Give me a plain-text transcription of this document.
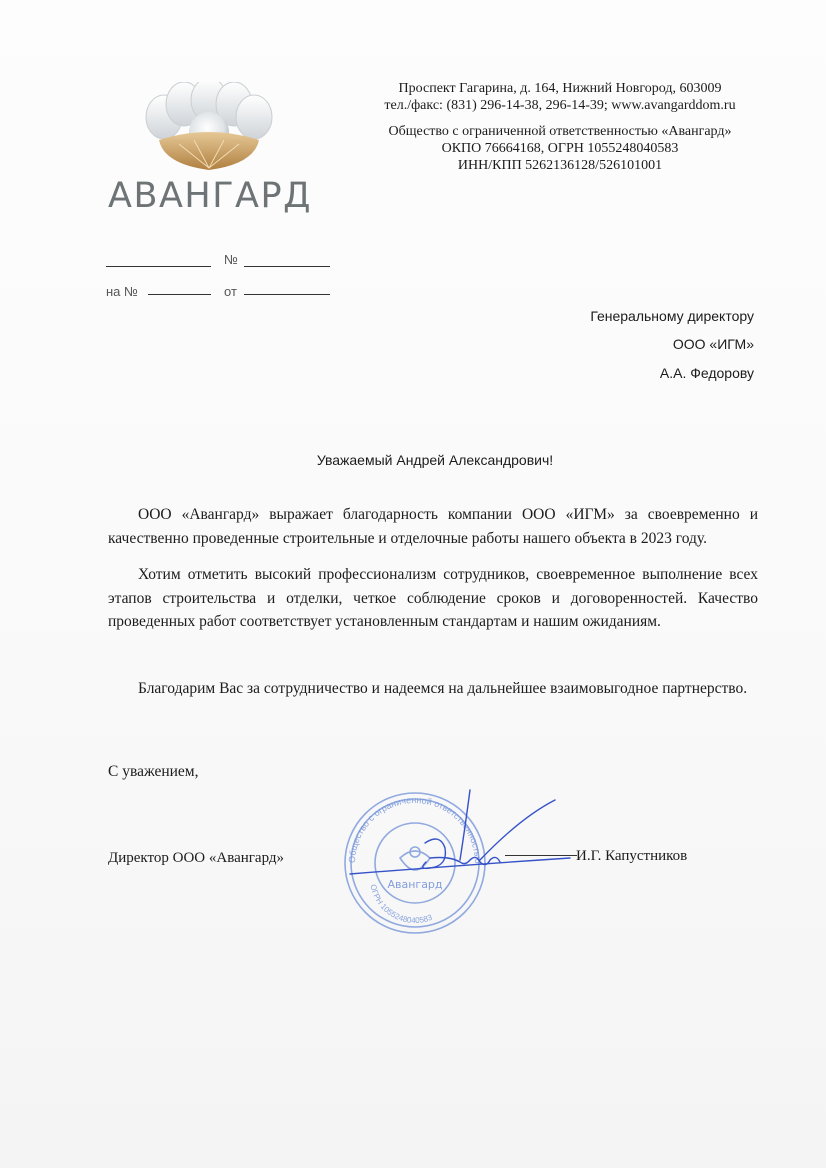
АВАНГАРД
Проспект Гагарина, д. 164, Нижний Новгород, 603009
тел./факс: (831) 296-14-38, 296-14-39; www.avangarddom.ru
Общество с ограниченной ответственностью «Авангард»
ОКПО 76664168, ОГРН 1055248040583
ИНН/КПП 5262136128/526101001
№
на №	от
Генеральному директору
ООО «ИГМ»
А.А. Федорову
Уважаемый Андрей Александрович!
ООО «Авангард» выражает благодарность компании ООО «ИГМ» за своевременно и качественно проведенные строительные и отделочные работы нашего объекта в 2023 году.
Хотим отметить высокий профессионализм сотрудников, своевременное выполнение всех этапов строительства и отделки, четкое соблюдение сроков и договоренностей. Качество проведенных работ соответствует установленным стандартам и нашим ожиданиям.
Благодарим Вас за сотрудничество и надеемся на дальнейшее взаимовыгодное партнерство.
С уважением,
Общество с ограниченной ответственностью
Авангард
ОГРН 1055248040583
Директор ООО «Авангард»	И.Г. Капустников
